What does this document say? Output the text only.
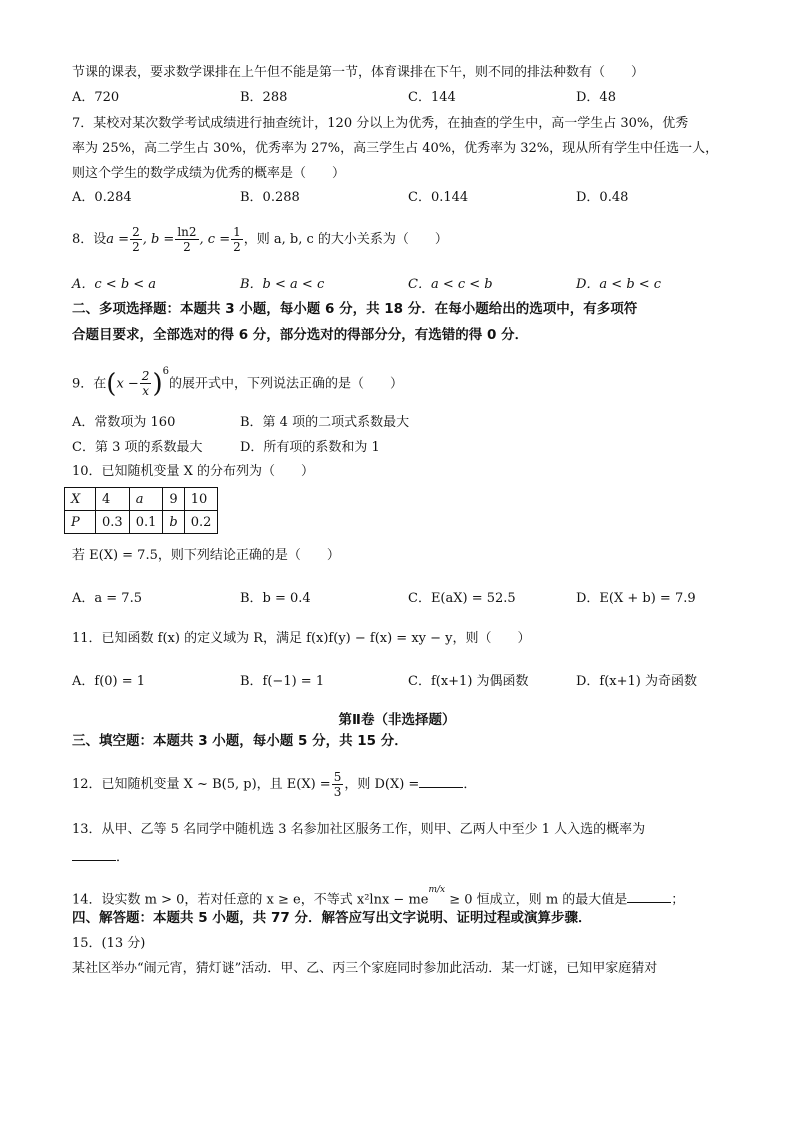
节课的课表，要求数学课排在上午但不能是第一节，体育课排在下午，则不同的排法种数有（　　）
A．720	B．288	C．144	D．48
7．某校对某次数学考试成绩进行抽查统计，120 分以上为优秀，在抽查的学生中，高一学生占 30%，优秀
率为 25%，高二学生占 30%，优秀率为 27%，高三学生占 40%，优秀率为 32%，现从所有学生中任选一人，
则这个学生的数学成绩为优秀的概率是（　　）
A．0.284	B．0.288	C．0.144	D．0.48
8．设$a = \frac{2}{2}$ , $b = \frac{\ln 2}{2}$ , $c = \frac{1}{2}$ ，则 a, b, c 的大小关系为（　　）
A．c < b < a	B．b < a < c	C．a < c < b	D．a < b < c
二、多项选择题：本题共 3 小题，每小题 6 分，共 18 分．在每小题给出的选项中，有多项符
合题目要求，全部选对的得 6 分，部分选对的得部分分，有选错的得 0 分．
9．在$(x - \frac{2}{x} )^6$的展开式中，下列说法正确的是（　　）
A．常数项为 160	B．第 4 项的二项式系数最大
C．第 3 项的系数最大	D．所有项的系数和为 1
10．已知随机变量 X 的分布列为（　　）
X	4	a	9	10
P	0.3	0.1	b	0.2
若 E(X) = 7.5，则下列结论正确的是（　　）
A．a = 7.5	B．b = 0.4	C．E(aX) = 52.5	D．E(X + b) = 7.9
11．已知函数 f(x) 的定义域为 R，满足 f(x)f(y) − f(x) = xy − y，则（　　）
A．f(0) = 1	B．f(−1) = 1	C．f(x+1) 为偶函数	D．f(x+1) 为奇函数
第Ⅱ卷（非选择题）
三、填空题：本题共 3 小题，每小题 5 分，共 15 分．
12．已知随机变量 X ~ B(5, p)，且 $E(X) = \frac{5}{3}$ ，则 D(X) =	．
13．从甲、乙等 5 名同学中随机选 3 名参加社区服务工作，则甲、乙两人中至少 1 人入选的概率为
．
14．设实数 m > 0，若对任意的 x ≥ e，不等式 $x^2\ln x - me^{m/x} \ge 0$ 恒成立，则 m 的最大值是	；
四、解答题：本题共 5 小题，共 77 分．解答应写出文字说明、证明过程或演算步骤．
15．(13 分)
某社区举办“闹元宵，猜灯谜”活动．甲、乙、丙三个家庭同时参加此活动．某一灯谜，已知甲家庭猜对
